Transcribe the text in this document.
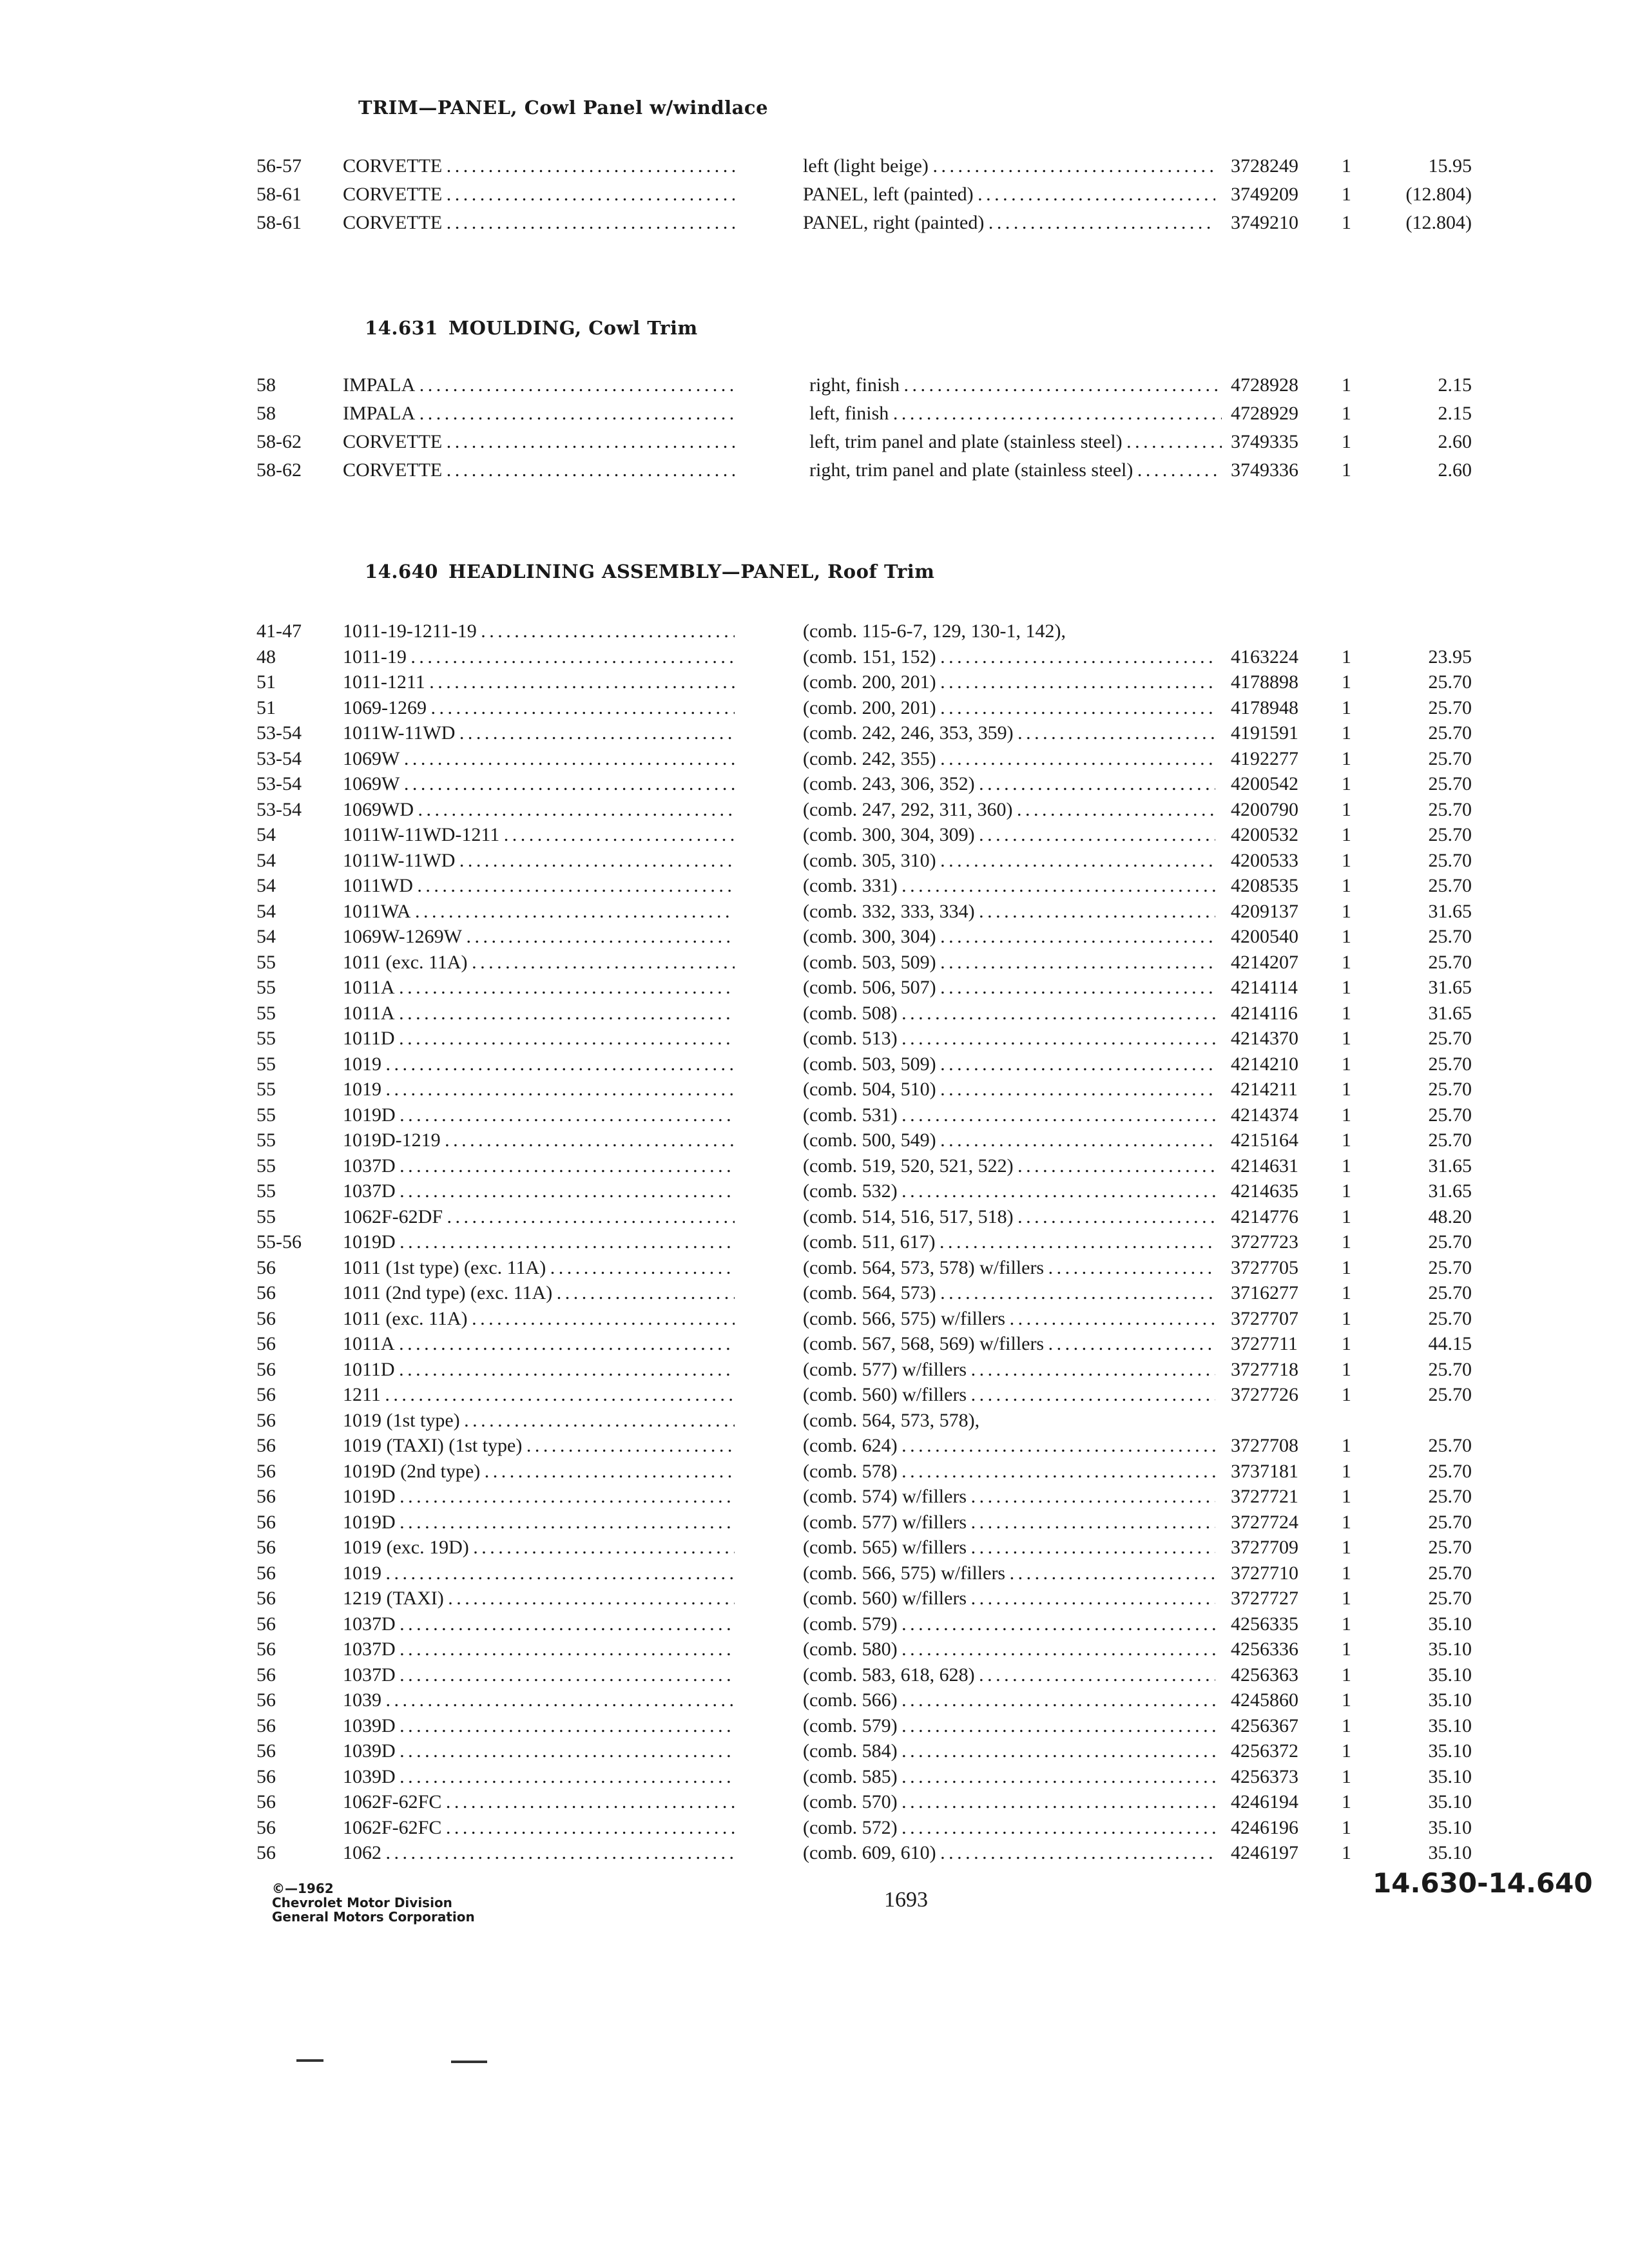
TRIM—PANEL, Cowl Panel w/windlace
56-57 CORVETTE . . .	left (light beige) . . .	3728249 1	15.95
58-61 CORVETTE . . .	PANEL, left (painted) . . .	3749209 1	(12.804)
58-61 CORVETTE . . .	PANEL, right (painted) . . .	3749210 1	(12.804)
14.631 MOULDING, Cowl Trim
58	IMPALA . . .	right, finish . . .	4728928 1	2.15
58	IMPALA . . .	left, finish . . .	4728929 1	2.15
58-62 CORVETTE . . .	left, trim panel and plate (stainless steel) . . .	3749335 1	2.60
58-62 CORVETTE . . .	right, trim panel and plate (stainless steel) . . .	3749336 1	2.60
14.640 HEADLINING ASSEMBLY—PANEL, Roof Trim
41-47 1011-19-1211-19 . . .	(comb. 115-6-7, 129, 130-1, 142),
48	1011-19 . . .	(comb. 151, 152) . . .	4163224 1	23.95
51	1011-1211 . . .	(comb. 200, 201) . . .	4178898 1	25.70
51	1069-1269 . . .	(comb. 200, 201) . . .	4178948 1	25.70
53-54 1011W-11WD . . .	(comb. 242, 246, 353, 359) . . .	4191591 1	25.70
53-54 1069W . . .	(comb. 242, 355) . . .	4192277 1	25.70
53-54 1069W . . .	(comb. 243, 306, 352) . . .	4200542 1	25.70
53-54 1069WD . . .	(comb. 247, 292, 311, 360) . . .	4200790 1	25.70
54	1011W-11WD-1211 . . .	(comb. 300, 304, 309) . . .	4200532 1	25.70
54	1011W-11WD . . .	(comb. 305, 310) . . .	4200533 1	25.70
54	1011WD . . .	(comb. 331) . . .	4208535 1	25.70
54	1011WA . . .	(comb. 332, 333, 334) . . .	4209137 1	31.65
54	1069W-1269W . . .	(comb. 300, 304) . . .	4200540 1	25.70
55	1011 (exc. 11A) . . .	(comb. 503, 509) . . .	4214207 1	25.70
55	1011A . . .	(comb. 506, 507) . . .	4214114 1	31.65
55	1011A . . .	(comb. 508) . . .	4214116 1	31.65
55	1011D . . .	(comb. 513) . . .	4214370 1	25.70
55	1019 . . .	(comb. 503, 509) . . .	4214210 1	25.70
55	1019 . . .	(comb. 504, 510) . . .	4214211 1	25.70
55	1019D . . .	(comb. 531) . . .	4214374 1	25.70
55	1019D-1219 . . .	(comb. 500, 549) . . .	4215164 1	25.70
55	1037D . . .	(comb. 519, 520, 521, 522) . . .	4214631 1	31.65
55	1037D . . .	(comb. 532) . . .	4214635 1	31.65
55	1062F-62DF . . .	(comb. 514, 516, 517, 518) . . .	4214776 1	48.20
55-56 1019D . . .	(comb. 511, 617) . . .	3727723 1	25.70
56	1011 (1st type) (exc. 11A) . . .	(comb. 564, 573, 578) w/fillers . . .	3727705 1	25.70
56	1011 (2nd type) (exc. 11A) . . .	(comb. 564, 573) . . .	3716277 1	25.70
56	1011 (exc. 11A) . . .	(comb. 566, 575) w/fillers . . .	3727707 1	25.70
56	1011A . . .	(comb. 567, 568, 569) w/fillers . . .	3727711 1	44.15
56	1011D . . .	(comb. 577) w/fillers . . .	3727718 1	25.70
56	1211 . . .	(comb. 560) w/fillers . . .	3727726 1	25.70
56	1019 (1st type) . . .	(comb. 564, 573, 578),
56	1019 (TAXI) (1st type) . . .	(comb. 624) . . .	3727708 1	25.70
56	1019D (2nd type) . . .	(comb. 578) . . .	3737181 1	25.70
56	1019D . . .	(comb. 574) w/fillers . . .	3727721 1	25.70
56	1019D . . .	(comb. 577) w/fillers . . .	3727724 1	25.70
56	1019 (exc. 19D) . . .	(comb. 565) w/fillers . . .	3727709 1	25.70
56	1019 . . .	(comb. 566, 575) w/fillers . . .	3727710 1	25.70
56	1219 (TAXI) . . .	(comb. 560) w/fillers . . .	3727727 1	25.70
56	1037D . . .	(comb. 579) . . .	4256335 1	35.10
56	1037D . . .	(comb. 580) . . .	4256336 1	35.10
56	1037D . . .	(comb. 583, 618, 628) . . .	4256363 1	35.10
56	1039 . . .	(comb. 566) . . .	4245860 1	35.10
56	1039D . . .	(comb. 579) . . .	4256367 1	35.10
56	1039D . . .	(comb. 584) . . .	4256372 1	35.10
56	1039D . . .	(comb. 585) . . .	4256373 1	35.10
56	1062F-62FC . . .	(comb. 570) . . .	4246194 1	35.10
56	1062F-62FC . . .	(comb. 572) . . .	4246196 1	35.10
56	1062 . . .	(comb. 609, 610) . . .	4246197 1	35.10
©—1962
Chevrolet Motor Division
General Motors Corporation
1693
14.630-14.640
